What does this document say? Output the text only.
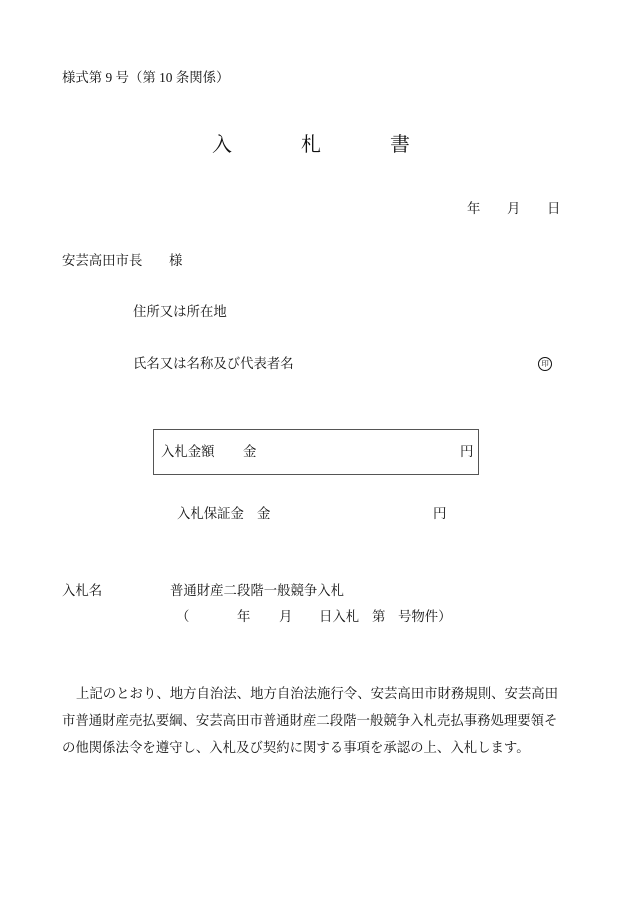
様式第 9 号（第 10 条関係）
入札書
年 月 日
安芸高田市長 様
住所又は所在地
氏名又は名称及び代表者名	印
入札金額 金	円
入札保証金 金	円
入札名	普通財産二段階一般競争入札
（	年 月 日入札 第 号物件）
上記のとおり、地方自治法、地方自治法施行令、安芸高田市財務規則、安芸高田
市普通財産売払要綱、安芸高田市普通財産二段階一般競争入札売払事務処理要領そ
の他関係法令を遵守し、入札及び契約に関する事項を承認の上、入札します。
